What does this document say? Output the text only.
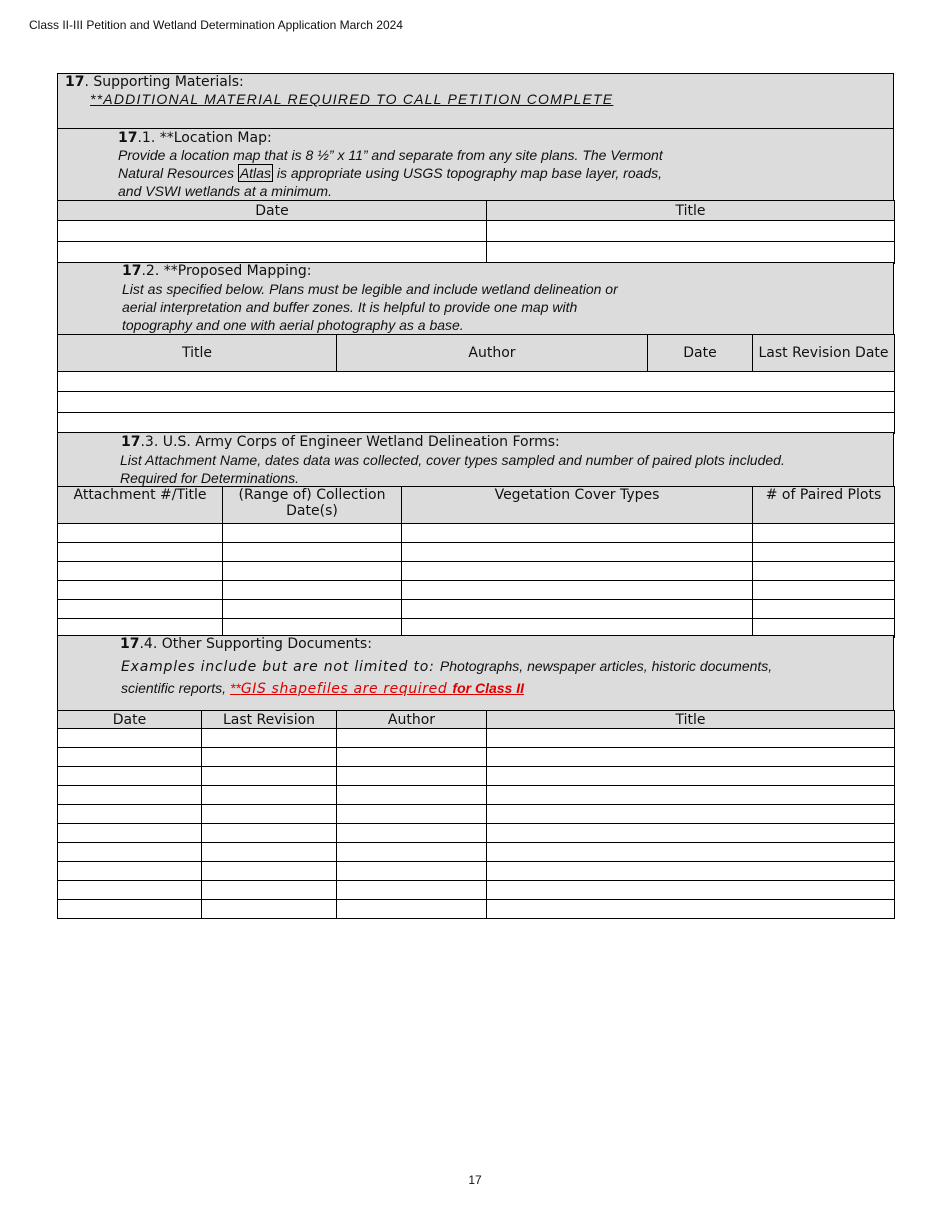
Class II-III Petition and Wetland Determination Application March 2024
17. Supporting Materials:
**ADDITIONAL MATERIAL REQUIRED TO CALL PETITION COMPLETE
17.1. **Location Map:
Provide a location map that is 8 ½” x 11” and separate from any site plans. The Vermont
Natural Resources Atlas is appropriate using USGS topography map base layer, roads,
and VSWI wetlands at a minimum.
Date	Title

17.2. **Proposed Mapping:
List as specified below. Plans must be legible and include wetland delineation or
aerial interpretation and buffer zones. It is helpful to provide one map with
topography and one with aerial photography as a base.
Title	Author	Date	Last Revision Date

17.3. U.S. Army Corps of Engineer Wetland Delineation Forms:
List Attachment Name, dates data was collected, cover types sampled and number of paired plots included.
Required for Determinations.
Attachment #/Title	(Range of) Collection Date(s)	Vegetation Cover Types	# of Paired Plots

17.4. Other Supporting Documents:
Examples include but are not limited to: Photographs, newspaper articles, historic documents,
scientific reports, **GIS shapefiles are required for Class II
Date	Last Revision	Author	Title

17
